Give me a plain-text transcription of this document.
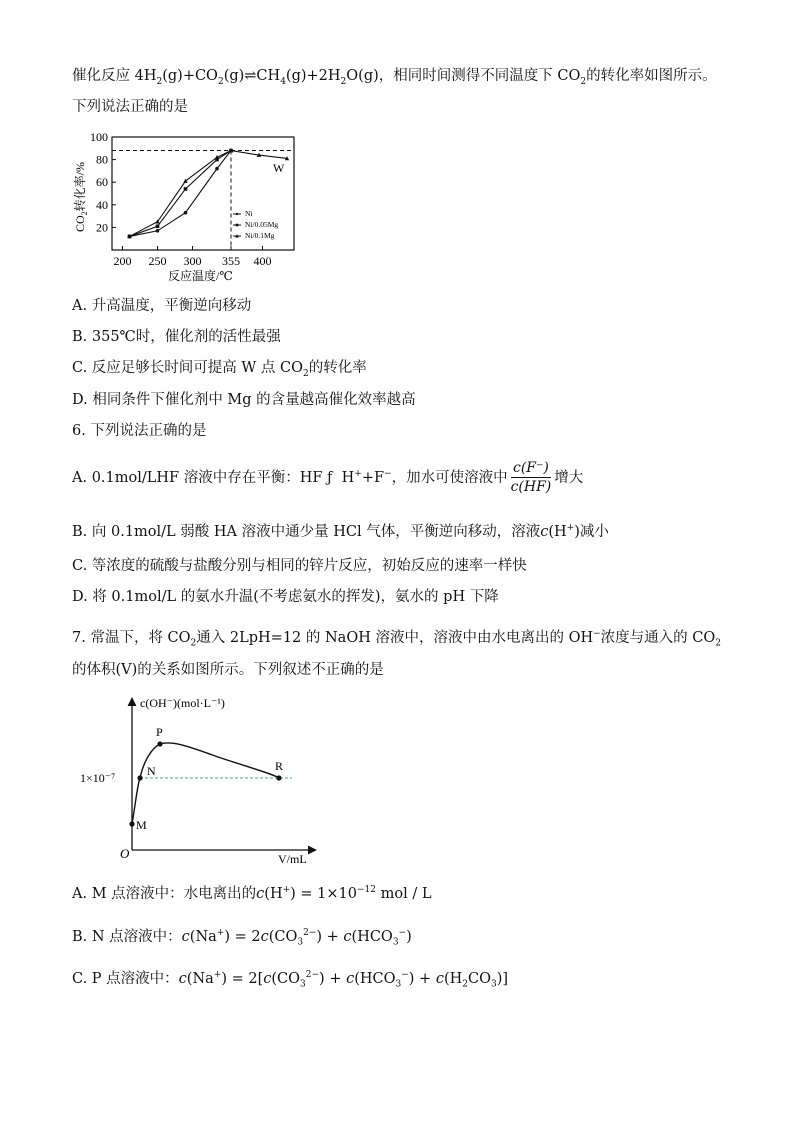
催化反应 $4H_2(g)+CO_2(g)\rightleftharpoons CH_4(g)+2H_2O(g)$，相同时间测得不同温度下 $CO_2$的转化率如图所示。
下列说法正确的是
20
40
60
80
100
200 250 300 355 400
W
Ni
Ni/0.05Mg
Ni/0.1Mg
反应温度/℃
$CO_2$转化率/%
A. 升高温度，平衡逆向移动
B. 355℃时，催化剂的活性最强
C. 反应足够长时间可提高 W 点 $CO_2$的转化率
D. 相同条件下催化剂中 Mg 的含量越高催化效率越高
6. 下列说法正确的是
A. 0.1mol/LHF 溶液中存在平衡：HF ƒ  H++F−，加水可使溶液中 $\frac{c(F^-)}{c(HF)}$ 增大
B. 向 0.1mol/L 弱酸 HA 溶液中通少量 HCl 气体，平衡逆向移动，溶液c(H+)减小
C. 等浓度的硫酸与盐酸分别与相同的锌片反应，初始反应的速率一样快
D. 将 0.1mol/L 的氨水升温(不考虑氨水的挥发)，氨水的 pH 下降
7. 常温下，将 $CO_2$通入 2LpH=12 的 NaOH 溶液中，溶液中由水电离出的 OH−浓度与通入的 $CO_2$
的体积(V)的关系如图所示。下列叙述不正确的是
c(OH⁻)(mol·L⁻¹)
V/mL
O
1×10⁻⁷
M
N
P
R
A. M 点溶液中：水电离出的$c(H^+) = 1\times 10^{-12}$ mol / L
B. N 点溶液中：$c(Na^+) = 2c(CO_3^{2-}) + c(HCO_3^-)$
C. P 点溶液中：$c(Na^+) = 2[c(CO_3^{2-}) + c(HCO_3^-) + c(H_2CO_3)]$
